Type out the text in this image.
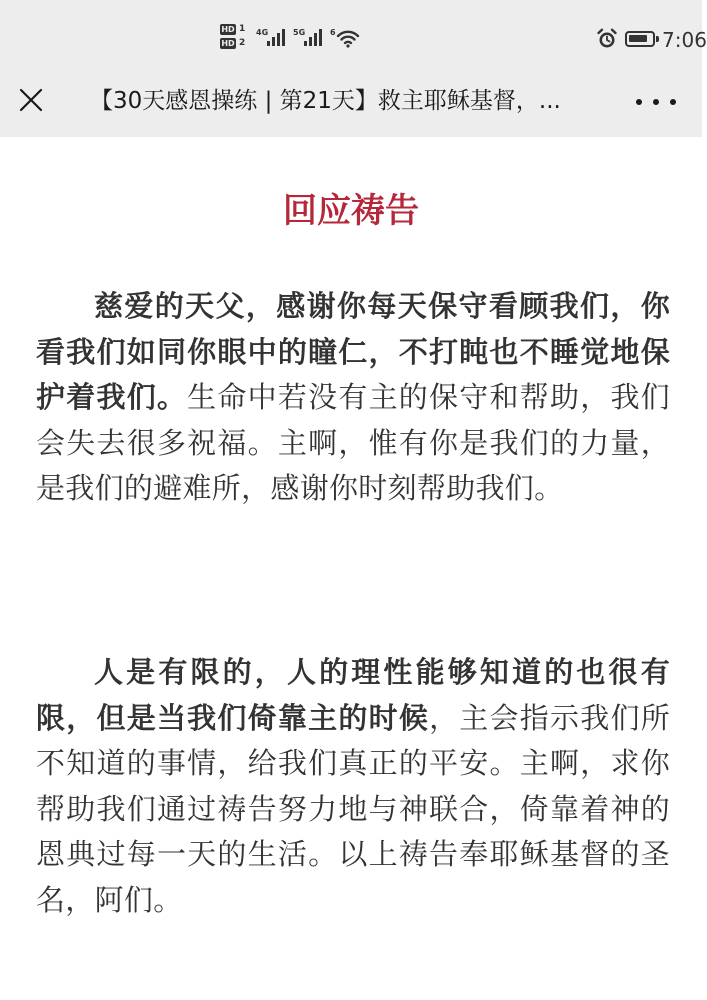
HD 1
HD 2
4G	5G	6	7:06
【30天感恩操练 | 第21天】救主耶稣基督，...
回应祷告

慈爱的天父，感谢你每天保守看顾我们，你看我们如同你眼中的瞳仁，不打盹也不睡觉地保护着我们。生命中若没有主的保守和帮助，我们会失去很多祝福。主啊，惟有你是我们的力量，是我们的避难所，感谢你时刻帮助我们。

人是有限的，人的理性能够知道的也很有限，但是当我们倚靠主的时候，主会指示我们所不知道的事情，给我们真正的平安。主啊，求你帮助我们通过祷告努力地与神联合，倚靠着神的恩典过每一天的生活。以上祷告奉耶稣基督的圣名，阿们。
